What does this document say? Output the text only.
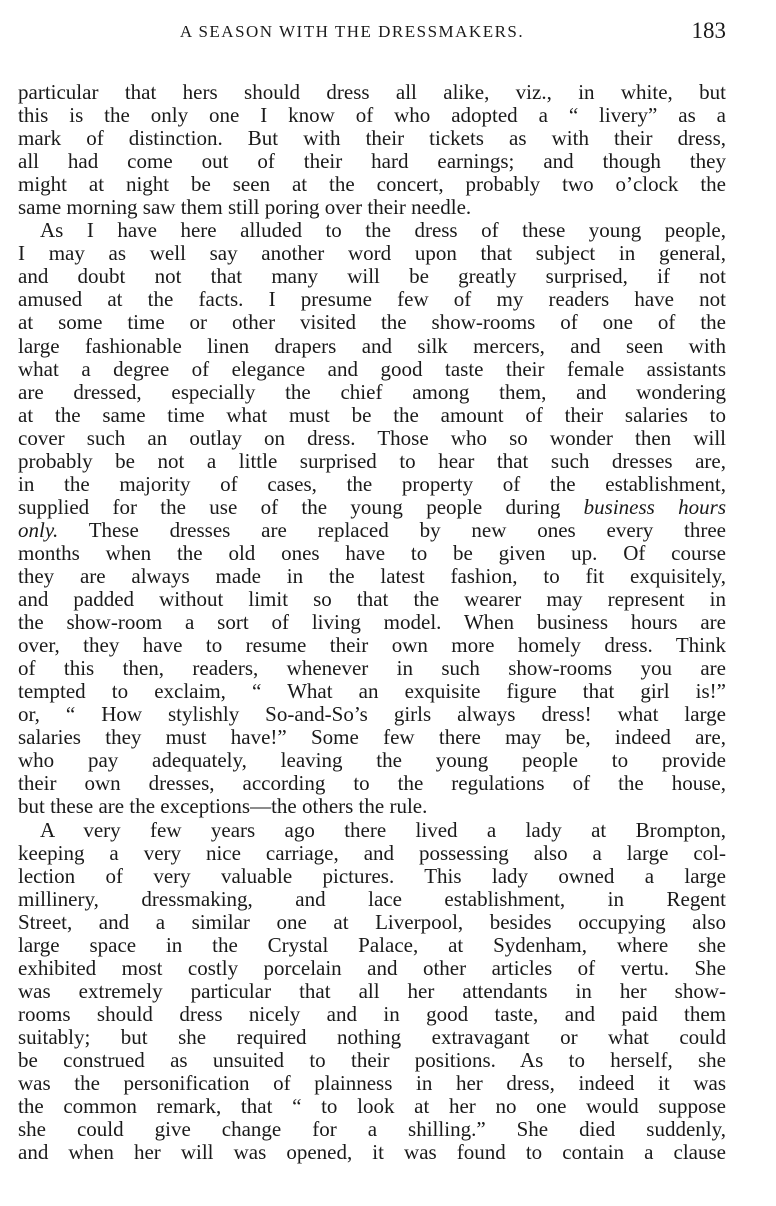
A SEASON WITH THE DRESSMAKERS.	183
particular that hers should dress all alike, viz., in white, but
this is the only one I know of who adopted a “ livery” as a
mark of distinction. But with their tickets as with their dress,
all had come out of their hard earnings; and though they
might at night be seen at the concert, probably two o’clock the
same morning saw them still poring over their needle.
As I have here alluded to the dress of these young people,
I may as well say another word upon that subject in general,
and doubt not that many will be greatly surprised, if not
amused at the facts. I presume few of my readers have not
at some time or other visited the show-rooms of one of the
large fashionable linen drapers and silk mercers, and seen with
what a degree of elegance and good taste their female assistants
are dressed, especially the chief among them, and wondering
at the same time what must be the amount of their salaries to
cover such an outlay on dress. Those who so wonder then will
probably be not a little surprised to hear that such dresses are,
in the majority of cases, the property of the establishment,
supplied for the use of the young people during business hours
only. These dresses are replaced by new ones every three
months when the old ones have to be given up. Of course
they are always made in the latest fashion, to fit exquisitely,
and padded without limit so that the wearer may represent in
the show-room a sort of living model. When business hours are
over, they have to resume their own more homely dress. Think
of this then, readers, whenever in such show-rooms you are
tempted to exclaim, “ What an exquisite figure that girl is!”
or, “ How stylishly So-and-So’s girls always dress! what large
salaries they must have!” Some few there may be, indeed are,
who pay adequately, leaving the young people to provide
their own dresses, according to the regulations of the house,
but these are the exceptions—the others the rule.
A very few years ago there lived a lady at Brompton,
keeping a very nice carriage, and possessing also a large col-
lection of very valuable pictures. This lady owned a large
millinery, dressmaking, and lace establishment, in Regent
Street, and a similar one at Liverpool, besides occupying also
large space in the Crystal Palace, at Sydenham, where she
exhibited most costly porcelain and other articles of vertu. She
was extremely particular that all her attendants in her show-
rooms should dress nicely and in good taste, and paid them
suitably; but she required nothing extravagant or what could
be construed as unsuited to their positions. As to herself, she
was the personification of plainness in her dress, indeed it was
the common remark, that “ to look at her no one would suppose
she could give change for a shilling.” She died suddenly,
and when her will was opened, it was found to contain a clause
